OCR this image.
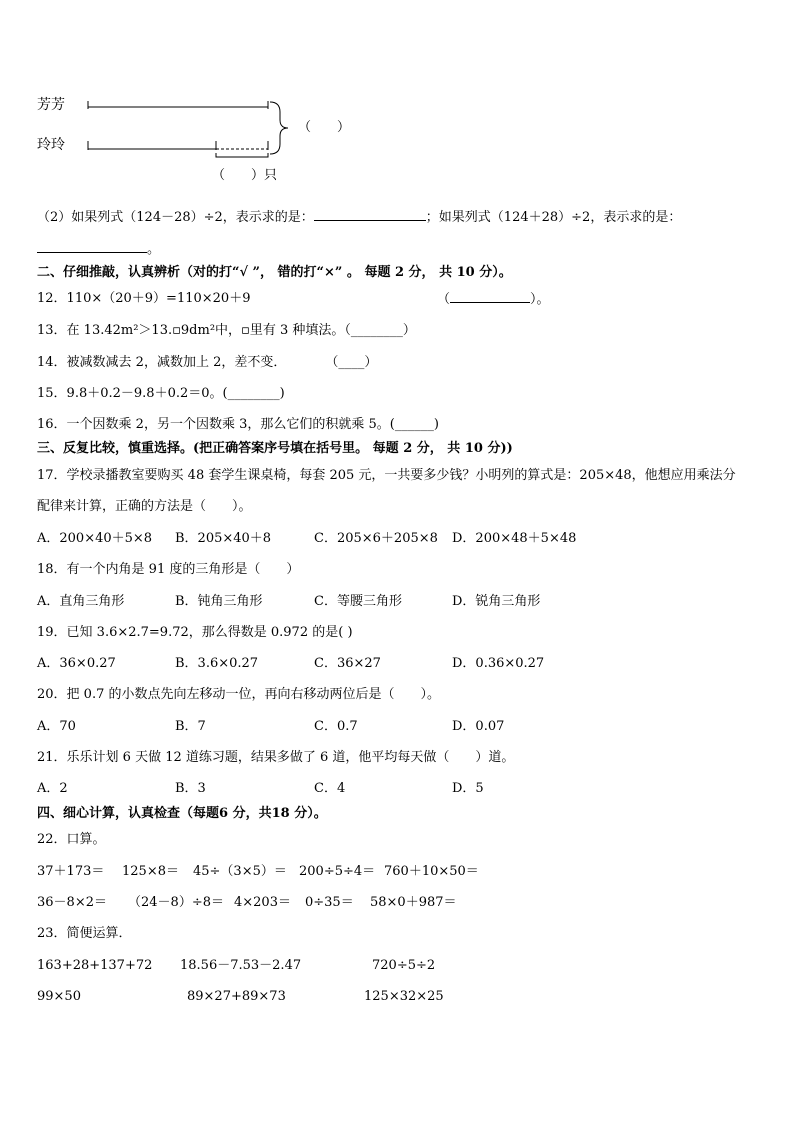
芳芳
玲玲
（　　）
（　　）只
（2）如果列式（124－28）÷2，表示求的是：	；如果列式（124＋28）÷2，表示求的是：
。
二、仔细推敲，认真辨析（对的打“√ ”， 错的打“×” 。 每题 2 分， 共 10 分）。
12．110×（20＋9）=110×20＋9	（	）。
13．在 13.42m²＞13.▫9dm²中，▫里有 3 种填法。（________）
14．被减数减去 2，减数加上 2，差不变．　　　　（____）
15．9.8＋0.2－9.8＋0.2＝0。(________)
16．一个因数乘 2，另一个因数乘 3，那么它们的积就乘 5。(______)
三、反复比较，慎重选择。(把正确答案序号填在括号里。 每题 2 分， 共 10 分))
17．学校录播教室要购买 48 套学生课桌椅，每套 205 元，一共要多少钱？小明列的算式是：205×48，他想应用乘法分
配律来计算，正确的方法是（　　）。
A．200×40＋5×8 B．205×40＋8	C．205×6＋205×8 D．200×48＋5×48
18．有一个内角是 91 度的三角形是（　　）
A．直角三角形	B．钝角三角形	C．等腰三角形	D．锐角三角形
19．已知 3.6×2.7=9.72，那么得数是 0.972 的是( )
A．36×0.27	B．3.6×0.27	C．36×27	D．0.36×0.27
20．把 0.7 的小数点先向左移动一位，再向右移动两位后是（　　）。
A．70	B．7	C．0.7	D．0.07
21．乐乐计划 6 天做 12 道练习题，结果多做了 6 道，他平均每天做（　　）道。
A．2	B．3	C．4	D．5
四、细心计算，认真检查（每题6 分，共18 分）。
22．口算。
37＋173＝ 125×8＝ 45÷（3×5）＝ 200÷5÷4＝ 760＋10×50＝
36－8×2＝ （24－8）÷8＝ 4×203＝ 0÷35＝ 58×0＋987＝
23．简便运算．
163+28+137+72 18.56－7.53－2.47	720÷5÷2
99×50	89×27+89×73	125×32×25
